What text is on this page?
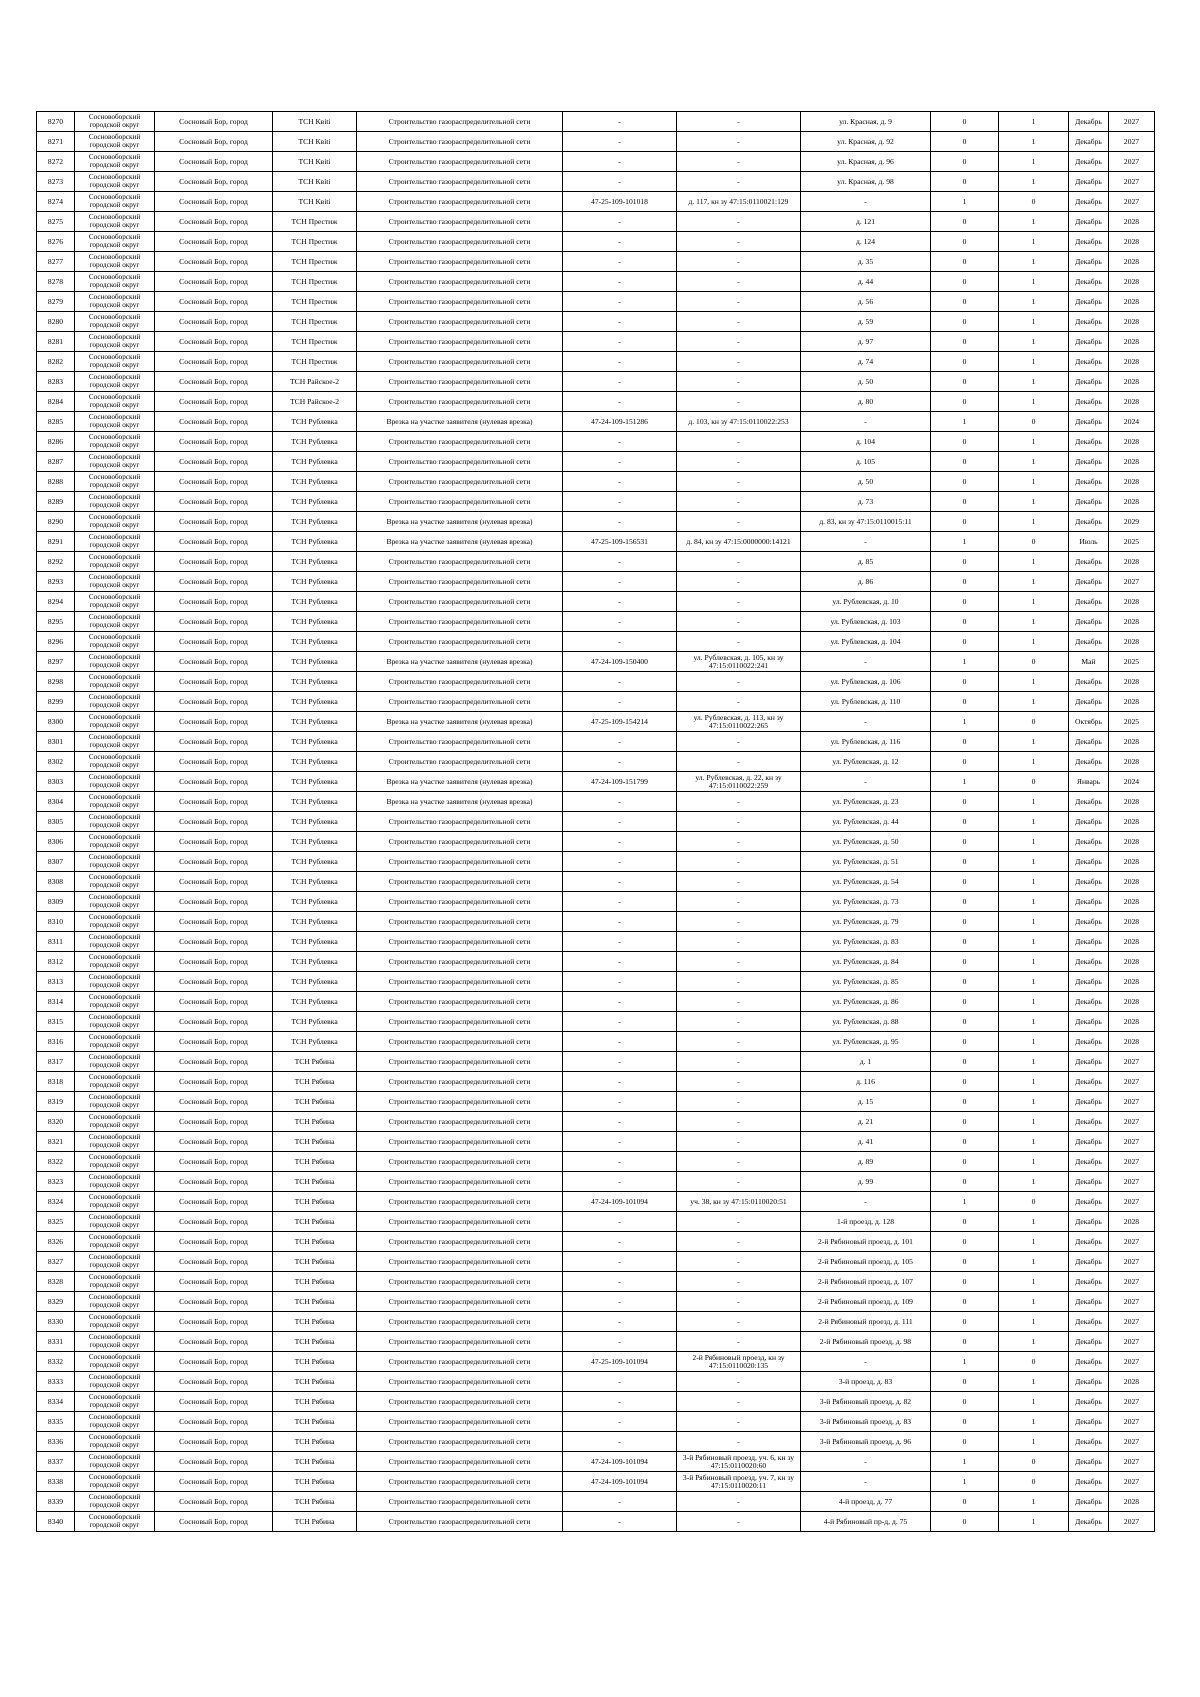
8270	Сосновоборский городской округ	Сосновый Бор, город	ТСН Квіti	Строительство газораспределительной сети	-	-	ул. Красная, д. 9	0	1	Декабрь	2027
8271	Сосновоборский городской округ	Сосновый Бор, город	ТСН Квіti	Строительство газораспределительной сети	-	-	ул. Красная, д. 92	0	1	Декабрь	2027
8272	Сосновоборский городской округ	Сосновый Бор, город	ТСН Квіti	Строительство газораспределительной сети	-	-	ул. Красная, д. 96	0	1	Декабрь	2027
8273	Сосновоборский городской округ	Сосновый Бор, город	ТСН Квіti	Строительство газораспределительной сети	-	-	ул. Красная, д. 98	0	1	Декабрь	2027
8274	Сосновоборский городской округ	Сосновый Бор, город	ТСН Квіti	Строительство газораспределительной сети	47-25-109-101018	д. 117, кн зу 47:15:0110021:129	-	1	0	Декабрь	2027
8275	Сосновоборский городской округ	Сосновый Бор, город	ТСН Престиж	Строительство газораспределительной сети	-	-	д. 121	0	1	Декабрь	2028
8276	Сосновоборский городской округ	Сосновый Бор, город	ТСН Престиж	Строительство газораспределительной сети	-	-	д. 124	0	1	Декабрь	2028
8277	Сосновоборский городской округ	Сосновый Бор, город	ТСН Престиж	Строительство газораспределительной сети	-	-	д. 35	0	1	Декабрь	2028
8278	Сосновоборский городской округ	Сосновый Бор, город	ТСН Престиж	Строительство газораспределительной сети	-	-	д. 44	0	1	Декабрь	2028
8279	Сосновоборский городской округ	Сосновый Бор, город	ТСН Престиж	Строительство газораспределительной сети	-	-	д. 56	0	1	Декабрь	2028
8280	Сосновоборский городской округ	Сосновый Бор, город	ТСН Престиж	Строительство газораспределительной сети	-	-	д. 59	0	1	Декабрь	2028
8281	Сосновоборский городской округ	Сосновый Бор, город	ТСН Престиж	Строительство газораспределительной сети	-	-	д. 97	0	1	Декабрь	2028
8282	Сосновоборский городской округ	Сосновый Бор, город	ТСН Престиж	Строительство газораспределительной сети	-	-	д. 74	0	1	Декабрь	2028
8283	Сосновоборский городской округ	Сосновый Бор, город	ТСН Райское-2	Строительство газораспределительной сети	-	-	д. 50	0	1	Декабрь	2028
8284	Сосновоборский городской округ	Сосновый Бор, город	ТСН Райское-2	Строительство газораспределительной сети	-	-	д. 80	0	1	Декабрь	2028
8285	Сосновоборский городской округ	Сосновый Бор, город	ТСН Рублевка	Врезка на участке заявителя (нулевая врезка)	47-24-109-151286	д. 103, кн зу 47:15:0110022:253	-	1	0	Декабрь	2024
8286	Сосновоборский городской округ	Сосновый Бор, город	ТСН Рублевка	Строительство газораспределительной сети	-	-	д. 104	0	1	Декабрь	2028
8287	Сосновоборский городской округ	Сосновый Бор, город	ТСН Рублевка	Строительство газораспределительной сети	-	-	д. 105	0	1	Декабрь	2028
8288	Сосновоборский городской округ	Сосновый Бор, город	ТСН Рублевка	Строительство газораспределительной сети	-	-	д. 50	0	1	Декабрь	2028
8289	Сосновоборский городской округ	Сосновый Бор, город	ТСН Рублевка	Строительство газораспределительной сети	-	-	д. 73	0	1	Декабрь	2028
8290	Сосновоборский городской округ	Сосновый Бор, город	ТСН Рублевка	Врезка на участке заявителя (нулевая врезка)	-	-	д. 83, кн зу 47:15:0110015:11	0	1	Декабрь	2029
8291	Сосновоборский городской округ	Сосновый Бор, город	ТСН Рублевка	Врезка на участке заявителя (нулевая врезка)	47-25-109-156531	д. 84, кн зу 47:15:0000000:14121	-	1	0	Июль	2025
8292	Сосновоборский городской округ	Сосновый Бор, город	ТСН Рублевка	Строительство газораспределительной сети	-	-	д. 85	0	1	Декабрь	2028
8293	Сосновоборский городской округ	Сосновый Бор, город	ТСН Рублевка	Строительство газораспределительной сети	-	-	д. 86	0	1	Декабрь	2027
8294	Сосновоборский городской округ	Сосновый Бор, город	ТСН Рублевка	Строительство газораспределительной сети	-	-	ул. Рублевская, д. 10	0	1	Декабрь	2028
8295	Сосновоборский городской округ	Сосновый Бор, город	ТСН Рублевка	Строительство газораспределительной сети	-	-	ул. Рублевская, д. 103	0	1	Декабрь	2028
8296	Сосновоборский городской округ	Сосновый Бор, город	ТСН Рублевка	Строительство газораспределительной сети	-	-	ул. Рублевская, д. 104	0	1	Декабрь	2028
8297	Сосновоборский городской округ	Сосновый Бор, город	ТСН Рублевка	Врезка на участке заявителя (нулевая врезка)	47-24-109-150400	ул. Рублевская, д. 105, кн зу 47:15:0110022:241	-	1	0	Май	2025
8298	Сосновоборский городской округ	Сосновый Бор, город	ТСН Рублевка	Строительство газораспределительной сети	-	-	ул. Рублевская, д. 106	0	1	Декабрь	2028
8299	Сосновоборский городской округ	Сосновый Бор, город	ТСН Рублевка	Строительство газораспределительной сети	-	-	ул. Рублевская, д. 110	0	1	Декабрь	2028
8300	Сосновоборский городской округ	Сосновый Бор, город	ТСН Рублевка	Врезка на участке заявителя (нулевая врезка)	47-25-109-154214	ул. Рублевская, д. 113, кн зу 47:15:0110022:265	-	1	0	Октябрь	2025
8301	Сосновоборский городской округ	Сосновый Бор, город	ТСН Рублевка	Строительство газораспределительной сети	-	-	ул. Рублевская, д. 116	0	1	Декабрь	2028
8302	Сосновоборский городской округ	Сосновый Бор, город	ТСН Рублевка	Строительство газораспределительной сети	-	-	ул. Рублевская, д. 12	0	1	Декабрь	2028
8303	Сосновоборский городской округ	Сосновый Бор, город	ТСН Рублевка	Врезка на участке заявителя (нулевая врезка)	47-24-109-151799	ул. Рублевская, д. 22, кн зу 47:15:0110022:259	-	1	0	Январь	2024
8304	Сосновоборский городской округ	Сосновый Бор, город	ТСН Рублевка	Врезка на участке заявителя (нулевая врезка)	-	-	ул. Рублевская, д. 23	0	1	Декабрь	2028
8305	Сосновоборский городской округ	Сосновый Бор, город	ТСН Рублевка	Строительство газораспределительной сети	-	-	ул. Рублевская, д. 44	0	1	Декабрь	2028
8306	Сосновоборский городской округ	Сосновый Бор, город	ТСН Рублевка	Строительство газораспределительной сети	-	-	ул. Рублевская, д. 50	0	1	Декабрь	2028
8307	Сосновоборский городской округ	Сосновый Бор, город	ТСН Рублевка	Строительство газораспределительной сети	-	-	ул. Рублевская, д. 51	0	1	Декабрь	2028
8308	Сосновоборский городской округ	Сосновый Бор, город	ТСН Рублевка	Строительство газораспределительной сети	-	-	ул. Рублевская, д. 54	0	1	Декабрь	2028
8309	Сосновоборский городской округ	Сосновый Бор, город	ТСН Рублевка	Строительство газораспределительной сети	-	-	ул. Рублевская, д. 73	0	1	Декабрь	2028
8310	Сосновоборский городской округ	Сосновый Бор, город	ТСН Рублевка	Строительство газораспределительной сети	-	-	ул. Рублевская, д. 79	0	1	Декабрь	2028
8311	Сосновоборский городской округ	Сосновый Бор, город	ТСН Рублевка	Строительство газораспределительной сети	-	-	ул. Рублевская, д. 83	0	1	Декабрь	2028
8312	Сосновоборский городской округ	Сосновый Бор, город	ТСН Рублевка	Строительство газораспределительной сети	-	-	ул. Рублевская, д. 84	0	1	Декабрь	2028
8313	Сосновоборский городской округ	Сосновый Бор, город	ТСН Рублевка	Строительство газораспределительной сети	-	-	ул. Рублевская, д. 85	0	1	Декабрь	2028
8314	Сосновоборский городской округ	Сосновый Бор, город	ТСН Рублевка	Строительство газораспределительной сети	-	-	ул. Рублевская, д. 86	0	1	Декабрь	2028
8315	Сосновоборский городской округ	Сосновый Бор, город	ТСН Рублевка	Строительство газораспределительной сети	-	-	ул. Рублевская, д. 88	0	1	Декабрь	2028
8316	Сосновоборский городской округ	Сосновый Бор, город	ТСН Рублевка	Строительство газораспределительной сети	-	-	ул. Рублевская, д. 95	0	1	Декабрь	2028
8317	Сосновоборский городской округ	Сосновый Бор, город	ТСН Рябина	Строительство газораспределительной сети	-	-	д. 1	0	1	Декабрь	2027
8318	Сосновоборский городской округ	Сосновый Бор, город	ТСН Рябина	Строительство газораспределительной сети	-	-	д. 116	0	1	Декабрь	2027
8319	Сосновоборский городской округ	Сосновый Бор, город	ТСН Рябина	Строительство газораспределительной сети	-	-	д. 15	0	1	Декабрь	2027
8320	Сосновоборский городской округ	Сосновый Бор, город	ТСН Рябина	Строительство газораспределительной сети	-	-	д. 21	0	1	Декабрь	2027
8321	Сосновоборский городской округ	Сосновый Бор, город	ТСН Рябина	Строительство газораспределительной сети	-	-	д. 41	0	1	Декабрь	2027
8322	Сосновоборский городской округ	Сосновый Бор, город	ТСН Рябина	Строительство газораспределительной сети	-	-	д. 89	0	1	Декабрь	2027
8323	Сосновоборский городской округ	Сосновый Бор, город	ТСН Рябина	Строительство газораспределительной сети	-	-	д. 99	0	1	Декабрь	2027
8324	Сосновоборский городской округ	Сосновый Бор, город	ТСН Рябина	Строительство газораспределительной сети	47-24-109-101094	уч. 38, кн зу 47:15:0110020:51	-	1	0	Декабрь	2027
8325	Сосновоборский городской округ	Сосновый Бор, город	ТСН Рябина	Строительство газораспределительной сети	-	-	1-й проезд, д. 128	0	1	Декабрь	2028
8326	Сосновоборский городской округ	Сосновый Бор, город	ТСН Рябина	Строительство газораспределительной сети	-	-	2-й Рябиновый проезд, д. 101	0	1	Декабрь	2027
8327	Сосновоборский городской округ	Сосновый Бор, город	ТСН Рябина	Строительство газораспределительной сети	-	-	2-й Рябиновый проезд, д. 105	0	1	Декабрь	2027
8328	Сосновоборский городской округ	Сосновый Бор, город	ТСН Рябина	Строительство газораспределительной сети	-	-	2-й Рябиновый проезд, д. 107	0	1	Декабрь	2027
8329	Сосновоборский городской округ	Сосновый Бор, город	ТСН Рябина	Строительство газораспределительной сети	-	-	2-й Рябиновый проезд, д. 109	0	1	Декабрь	2027
8330	Сосновоборский городской округ	Сосновый Бор, город	ТСН Рябина	Строительство газораспределительной сети	-	-	2-й Рябиновый проезд, д. 111	0	1	Декабрь	2027
8331	Сосновоборский городской округ	Сосновый Бор, город	ТСН Рябина	Строительство газораспределительной сети	-	-	2-й Рябиновый проезд, д. 98	0	1	Декабрь	2027
8332	Сосновоборский городской округ	Сосновый Бор, город	ТСН Рябина	Строительство газораспределительной сети	47-25-109-101094	2-й Рябиновый проезд, кн зу 47:15:0110020:135	-	1	0	Декабрь	2027
8333	Сосновоборский городской округ	Сосновый Бор, город	ТСН Рябина	Строительство газораспределительной сети	-	-	3-й проезд, д. 83	0	1	Декабрь	2028
8334	Сосновоборский городской округ	Сосновый Бор, город	ТСН Рябина	Строительство газораспределительной сети	-	-	3-й Рябиновый проезд, д. 82	0	1	Декабрь	2027
8335	Сосновоборский городской округ	Сосновый Бор, город	ТСН Рябина	Строительство газораспределительной сети	-	-	3-й Рябиновый проезд, д. 83	0	1	Декабрь	2027
8336	Сосновоборский городской округ	Сосновый Бор, город	ТСН Рябина	Строительство газораспределительной сети	-	-	3-й Рябиновый проезд, д. 96	0	1	Декабрь	2027
8337	Сосновоборский городской округ	Сосновый Бор, город	ТСН Рябина	Строительство газораспределительной сети	47-24-109-101094	3-й Рябиновый проезд, уч. 6, кн зу 47:15:0110020:60	-	1	0	Декабрь	2027
8338	Сосновоборский городской округ	Сосновый Бор, город	ТСН Рябина	Строительство газораспределительной сети	47-24-109-101094	3-й Рябиновый проезд, уч. 7, кн зу 47:15:0110020:11	-	1	0	Декабрь	2027
8339	Сосновоборский городской округ	Сосновый Бор, город	ТСН Рябина	Строительство газораспределительной сети	-	-	4-й проезд, д. 77	0	1	Декабрь	2028
8340	Сосновоборский городской округ	Сосновый Бор, город	ТСН Рябина	Строительство газораспределительной сети	-	-	4-й Рябиновый пр-д, д. 75	0	1	Декабрь	2027
